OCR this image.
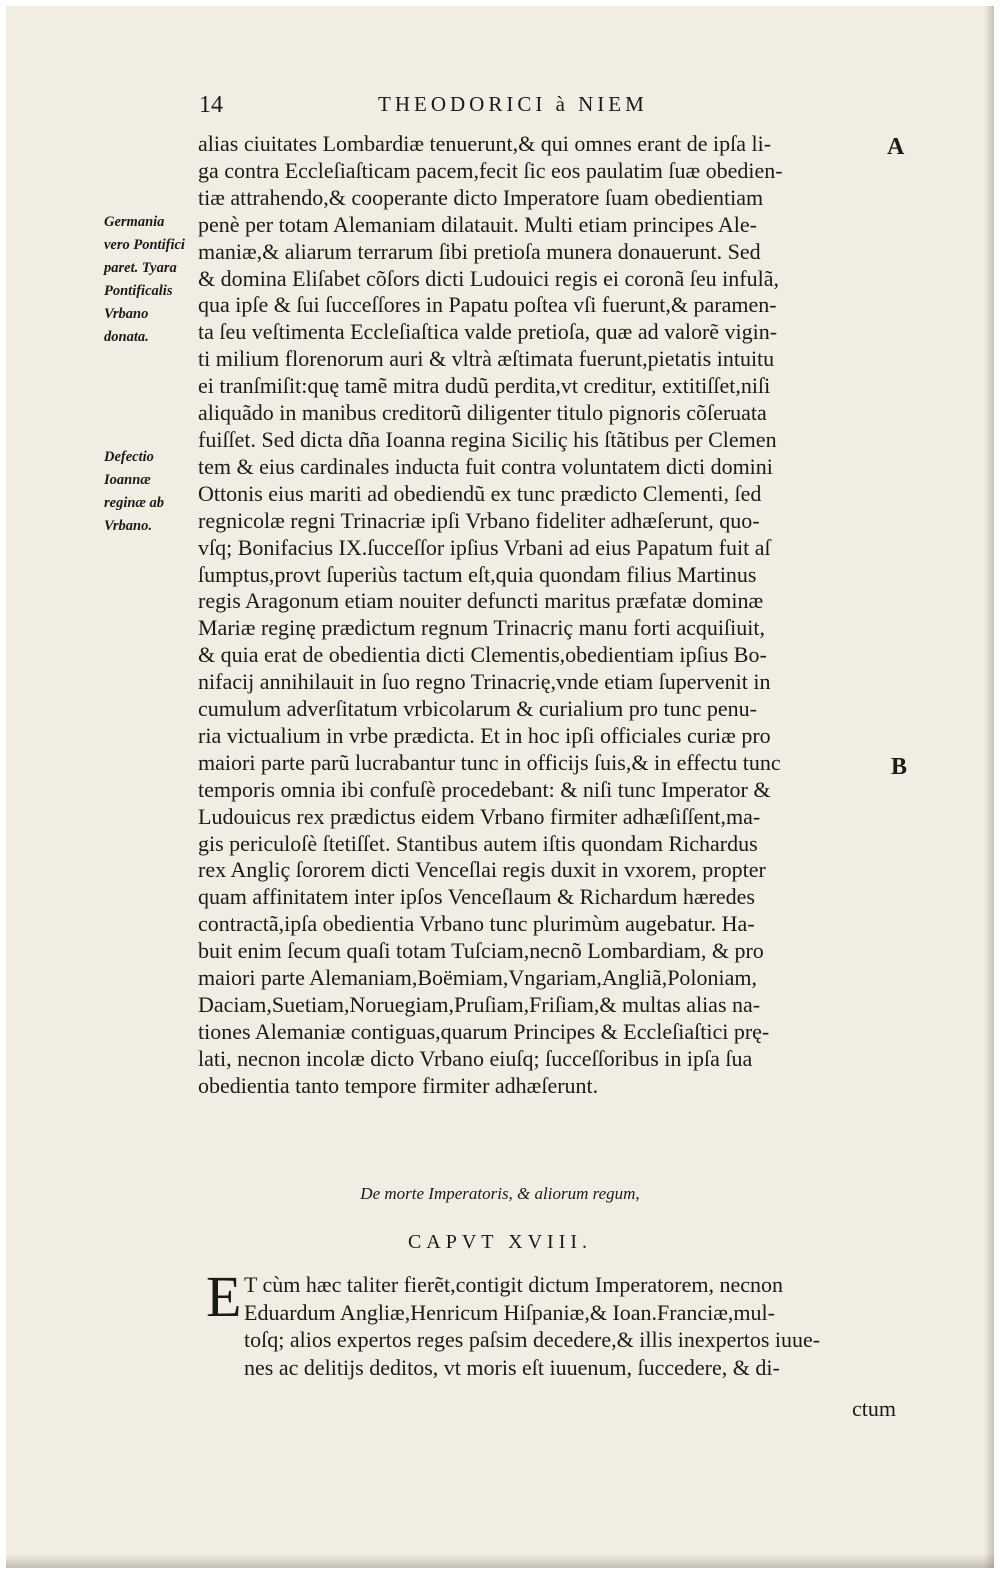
14	THEODORICI à NIEM
A
B
Germania vero Pontifici paret. Tyara Pontificalis Vrbano donata.
Defectio Ioannæ reginæ ab Vrbano.
alias ciuitates Lombardiæ tenuerunt,& qui omnes erant de ipſa li-
ga contra Eccleſiaſticam pacem,fecit ſic eos paulatim ſuæ obedien-
tiæ attrahendo,& cooperante dicto Imperatore ſuam obedientiam
penè per totam Alemaniam dilatauit. Multi etiam principes Ale-
maniæ,& aliarum terrarum ſibi pretioſa munera donauerunt. Sed
& domina Eliſabet cõſors dicti Ludouici regis ei coronã ſeu infulã,
qua ipſe & ſui ſucceſſores in Papatu poſtea vſi fuerunt,& paramen-
ta ſeu veſtimenta Eccleſiaſtica valde pretioſa, quæ ad valorẽ vigin-
ti milium florenorum auri & vltrà æſtimata fuerunt,pietatis intuitu
ei tranſmiſit:quę tamẽ mitra dudũ perdita,vt creditur, extitiſſet,niſi
aliquãdo in manibus creditorũ diligenter titulo pignoris cõſeruata
fuiſſet. Sed dicta dña Ioanna regina Siciliç his ſtãtibus per Clemen
tem & eius cardinales inducta fuit contra voluntatem dicti domini
Ottonis eius mariti ad obediendũ ex tunc prædicto Clementi, ſed
regnicolæ regni Trinacriæ ipſi Vrbano fideliter adhæſerunt, quo-
vſq; Bonifacius IX.ſucceſſor ipſius Vrbani ad eius Papatum fuit aſ
ſumptus,provt ſuperiùs tactum eſt,quia quondam filius Martinus
regis Aragonum etiam nouiter defuncti maritus præfatæ dominæ
Mariæ reginę prædictum regnum Trinacriç manu forti acquiſiuit,
& quia erat de obedientia dicti Clementis,obedientiam ipſius Bo-
nifacij annihilauit in ſuo regno Trinacrię,vnde etiam ſupervenit in
cumulum adverſitatum vrbicolarum & curialium pro tunc penu-
ria victualium in vrbe prædicta. Et in hoc ipſi officiales curiæ pro
maiori parte parũ lucrabantur tunc in officijs ſuis,& in effectu tunc
temporis omnia ibi confuſè procedebant: & niſi tunc Imperator &
Ludouicus rex prædictus eidem Vrbano firmiter adhæſiſſent,ma-
gis periculoſè ſtetiſſet. Stantibus autem iſtis quondam Richardus
rex Angliç ſororem dicti Venceſlai regis duxit in vxorem, propter
quam affinitatem inter ipſos Venceſlaum & Richardum hæredes
contractã,ipſa obedientia Vrbano tunc plurimùm augebatur. Ha-
buit enim ſecum quaſi totam Tuſciam,necnõ Lombardiam, & pro
maiori parte Alemaniam,Boëmiam,Vngariam,Angliã,Poloniam,
Daciam,Suetiam,Noruegiam,Pruſiam,Friſiam,& multas alias na-
tiones Alemaniæ contiguas,quarum Principes & Eccleſiaſtici prę-
lati, necnon incolæ dicto Vrbano eiuſq; ſucceſſoribus in ipſa ſua
obedientia tanto tempore firmiter adhæſerunt.
De morte Imperatoris, & aliorum regum,
CAPVT XVIII.
E T cùm hæc taliter fierẽt,contigit dictum Imperatorem, necnon
Eduardum Angliæ,Henricum Hiſpaniæ,& Ioan.Franciæ,mul-
toſq; alios expertos reges paſsim decedere,& illis inexpertos iuue-
nes ac delitijs deditos, vt moris eſt iuuenum, ſuccedere, & di-
ctum
